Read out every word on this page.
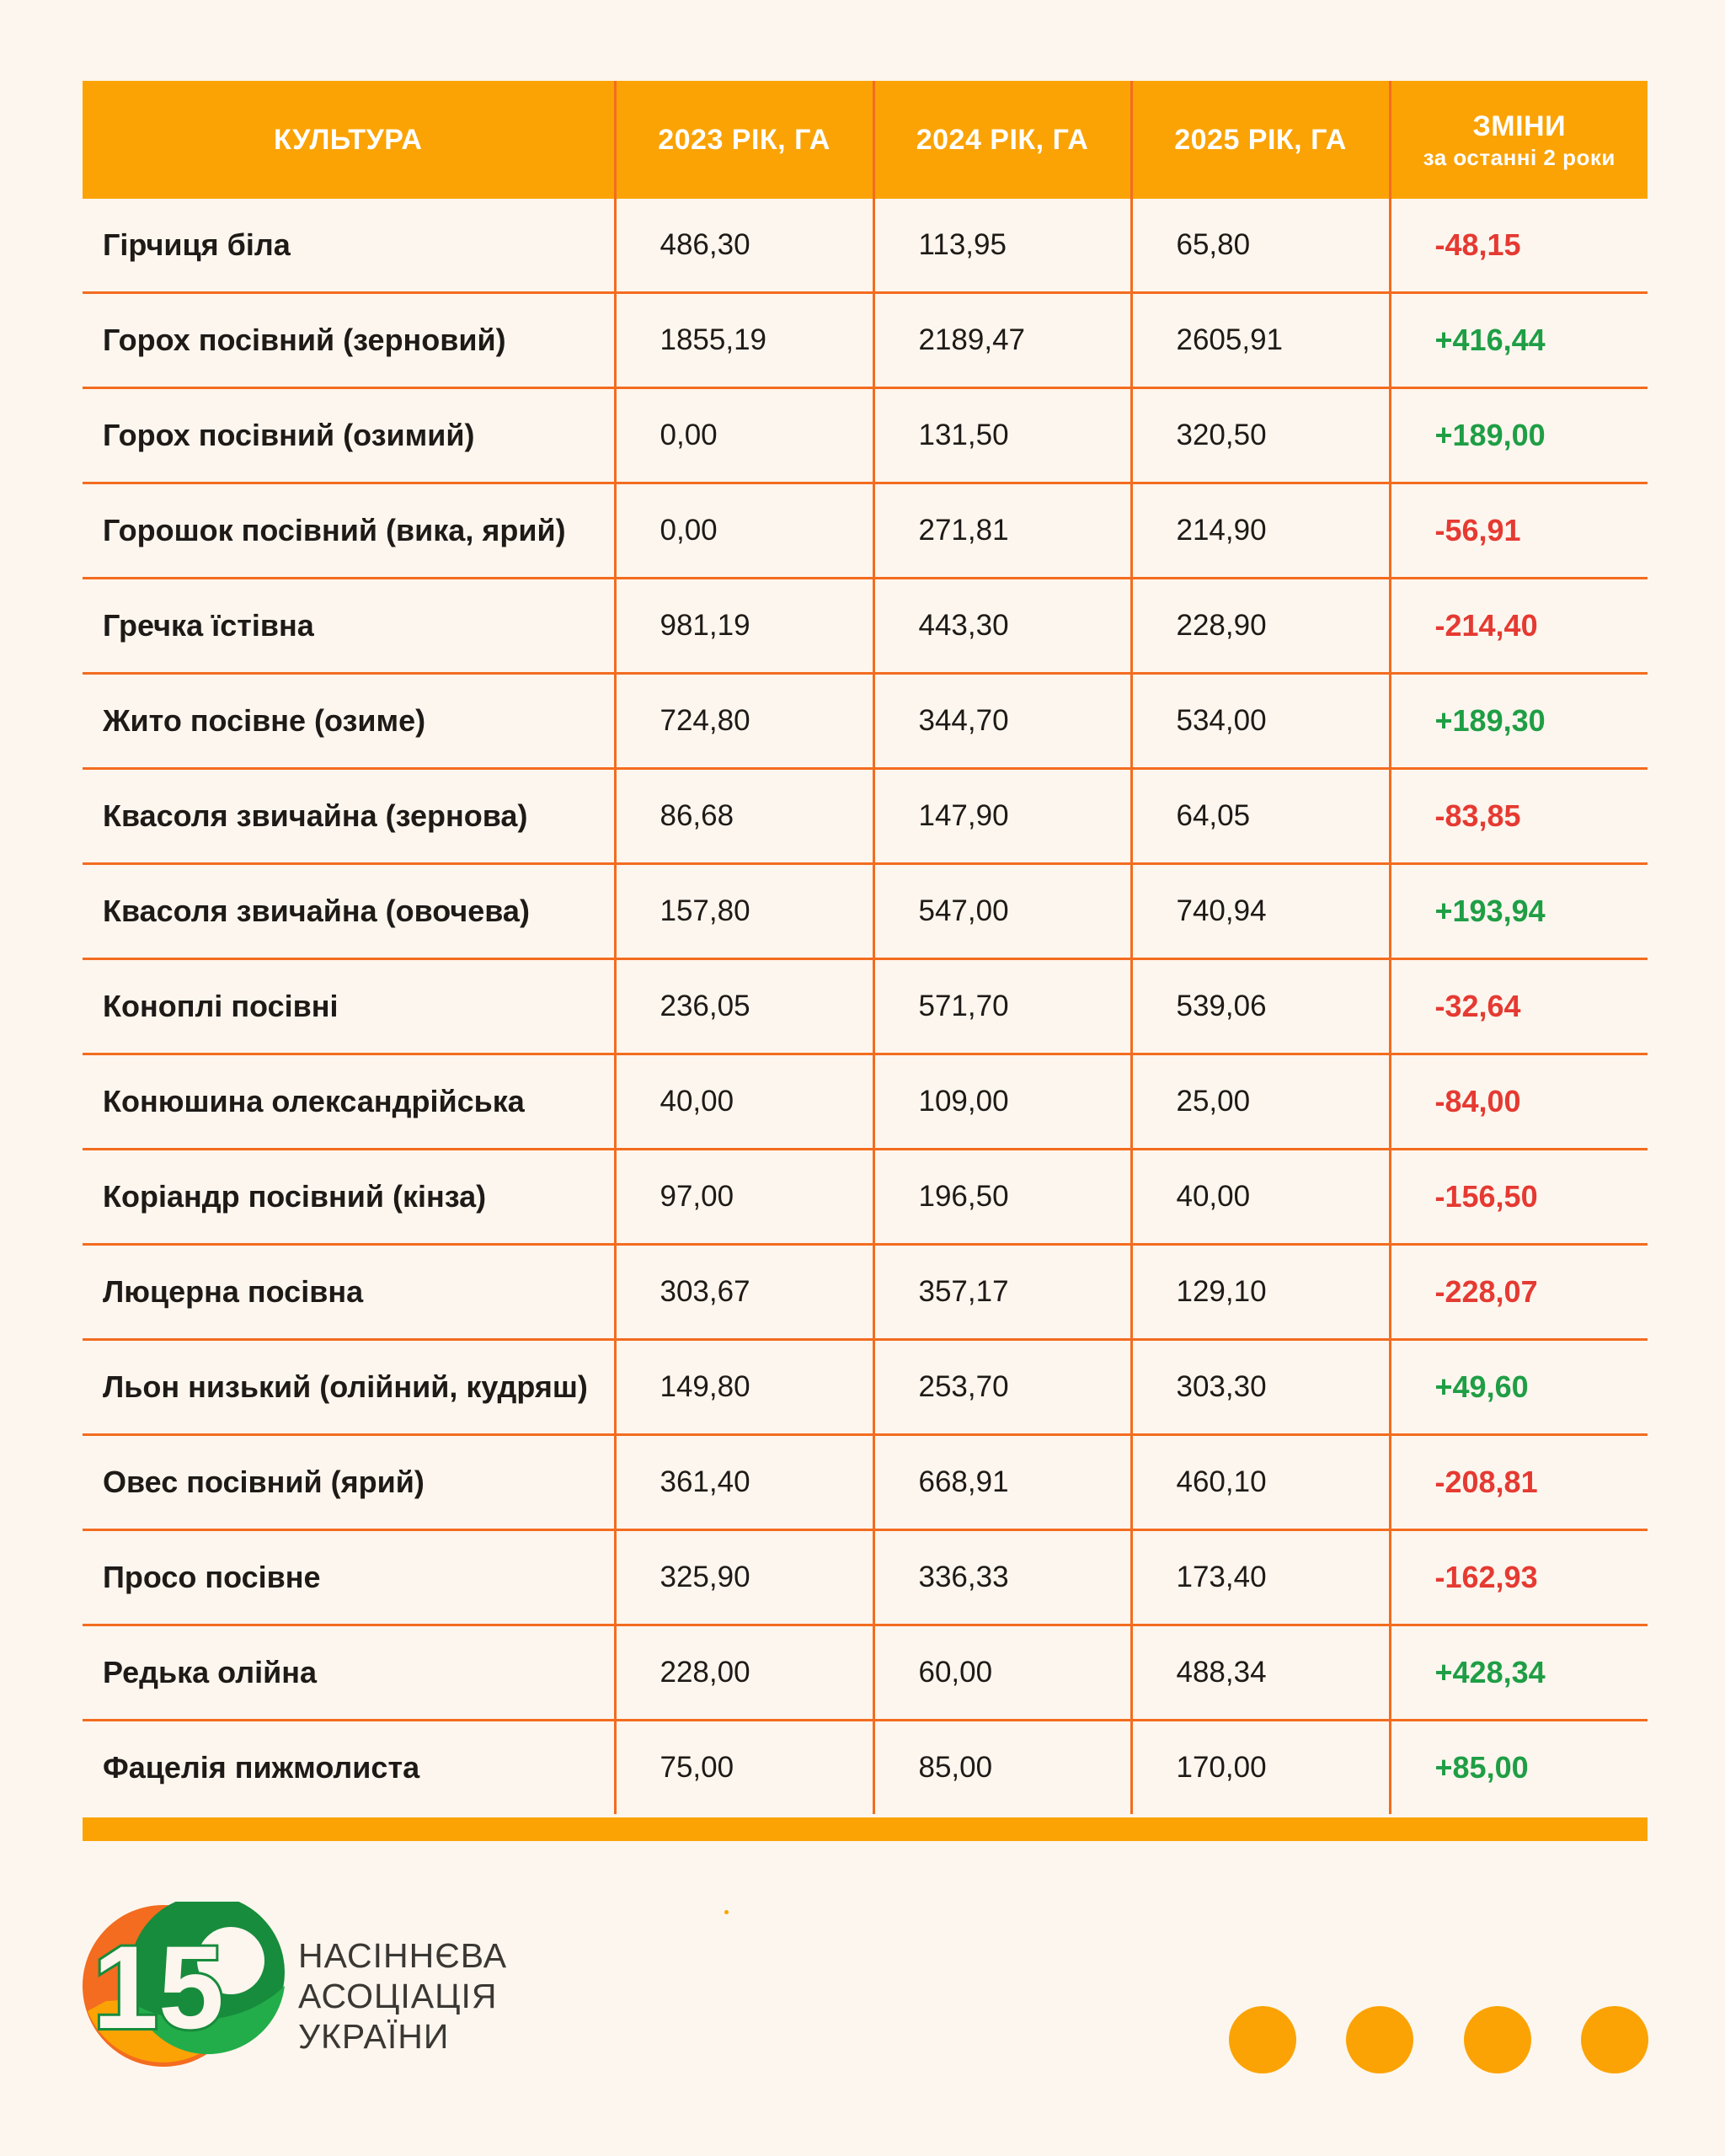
КУЛЬТУРА	2023 РІК, ГА	2024 РІК, ГА	2025 РІК, ГА	ЗМІНИ
за останні 2 роки

Гірчиця біла	486,30	113,95	65,80	-48,15
Горох посівний (зерновий)	1855,19	2189,47	2605,91	+416,44
Горох посівний (озимий)	0,00	131,50	320,50	+189,00
Горошок посівний (вика, ярий)	0,00	271,81	214,90	-56,91
Гречка їстівна	981,19	443,30	228,90	-214,40
Жито посівне (озиме)	724,80	344,70	534,00	+189,30
Квасоля звичайна (зернова)	86,68	147,90	64,05	-83,85
Квасоля звичайна (овочева)	157,80	547,00	740,94	+193,94
Коноплі посівні	236,05	571,70	539,06	-32,64
Конюшина олександрійська	40,00	109,00	25,00	-84,00
Коріандр посівний (кінза)	97,00	196,50	40,00	-156,50
Люцерна посівна	303,67	357,17	129,10	-228,07
Льон низький (олійний, кудряш)	149,80	253,70	303,30	+49,60
Овес посівний (ярий)	361,40	668,91	460,10	-208,81
Просо посівне	325,90	336,33	173,40	-162,93
Редька олійна	228,00	60,00	488,34	+428,34
Фацелія пижмолиста	75,00	85,00	170,00	+85,00
15 НАСІННЄВА
АСОЦІАЦІЯ
УКРАЇНИ
